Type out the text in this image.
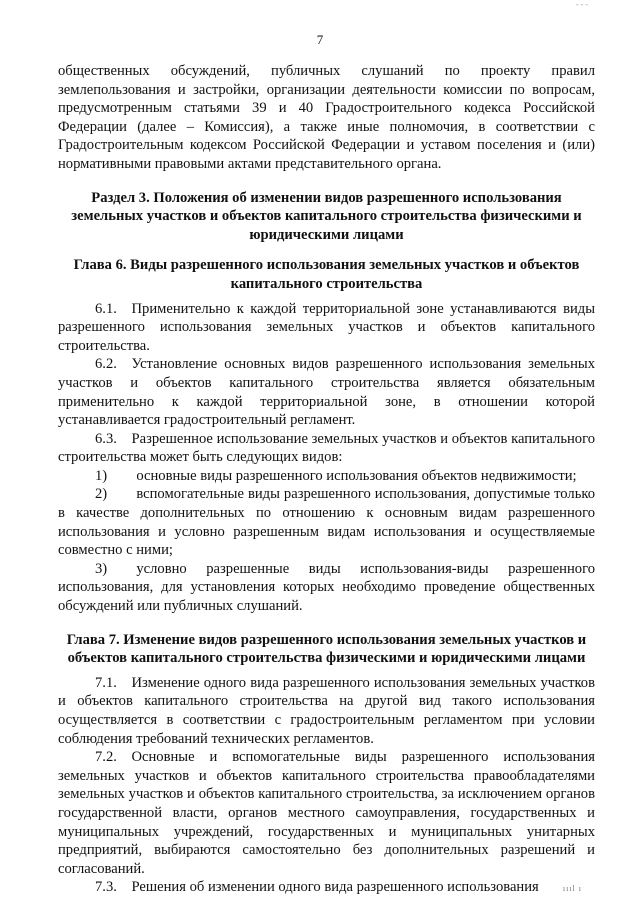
- - -
7

общественных обсуждений, публичных слушаний по проекту правил землепользования и застройки, организации деятельности комиссии по вопросам, предусмотренным статьями 39 и 40 Градостроительного кодекса Российской Федерации (далее – Комиссия), а также иные полномочия, в соответствии с Градостроительным кодексом Российской Федерации и уставом поселения и (или) нормативными правовыми актами представительного органа.

Раздел 3. Положения об изменении видов разрешенного использования земельных участков и объектов капитального строительства физическими и юридическими лицами
Глава 6. Виды разрешенного использования земельных участков и объектов капитального строительства

6.1. Применительно к каждой территориальной зоне устанавливаются виды разрешенного использования земельных участков и объектов капитального строительства.

6.2. Установление основных видов разрешенного использования земельных участков и объектов капитального строительства является обязательным применительно к каждой территориальной зоне, в отношении которой устанавливается градостроительный регламент.

6.3. Разрешенное использование земельных участков и объектов капитального строительства может быть следующих видов:

1)  основные виды разрешенного использования объектов недвижимости;

2)  вспомогательные виды разрешенного использования, допустимые только в качестве дополнительных по отношению к основным видам разрешенного использования и условно разрешенным видам использования и осуществляемые совместно с ними;

3)  условно разрешенные виды использования-виды разрешенного использования, для установления которых необходимо проведение общественных обсуждений или публичных слушаний.

Глава 7. Изменение видов разрешенного использования земельных участков и объектов капитального строительства физическими и юридическими лицами

7.1. Изменение одного вида разрешенного использования земельных участков и объектов капитального строительства на другой вид такого использования осуществляется в соответствии с градостроительным регламентом при условии соблюдения требований технических регламентов.

7.2. Основные и вспомогательные виды разрешенного использования земельных участков и объектов капитального строительства правообладателями земельных участков и объектов капитального строительства, за исключением органов государственной власти, органов местного самоуправления, государственных и муниципальных учреждений, государственных и муниципальных унитарных предприятий, выбираются самостоятельно без дополнительных разрешений и согласований.

7.3. Решения об изменении одного вида разрешенного использования	ıııl ı
